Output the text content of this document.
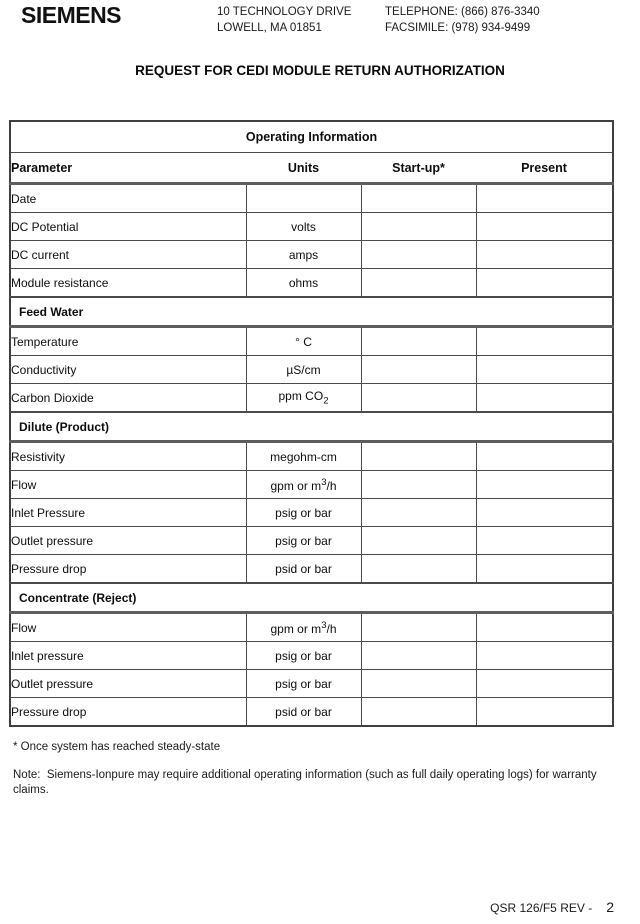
SIEMENS	10 TECHNOLOGY DRIVE
LOWELL, MA 01851
TELEPHONE: (866) 876-3340
FACSIMILE: (978) 934-9499
REQUEST FOR CEDI MODULE RETURN AUTHORIZATION
Operating Information			
Parameter	Units	Start-up*	Present
Date			
DC Potential	volts		
DC current	amps		
Module resistance	ohms		
Feed Water			
Temperature	° C		
Conductivity	µS/cm		
Carbon Dioxide	ppm $CO_2$		
Dilute (Product)			
Resistivity	megohm-cm		
Flow	gpm or $m^3/h$		
Inlet Pressure	psig or bar		
Outlet pressure	psig or bar		
Pressure drop	psid or bar		
Concentrate (Reject)			
Flow	gpm or $m^3/h$		
Inlet pressure	psig or bar		
Outlet pressure	psig or bar		
Pressure drop	psid or bar		
* Once system has reached steady-state
Note:  Siemens-Ionpure may require additional operating information (such as full daily operating logs) for warranty claims.
QSR 126/F5 REV - 2
